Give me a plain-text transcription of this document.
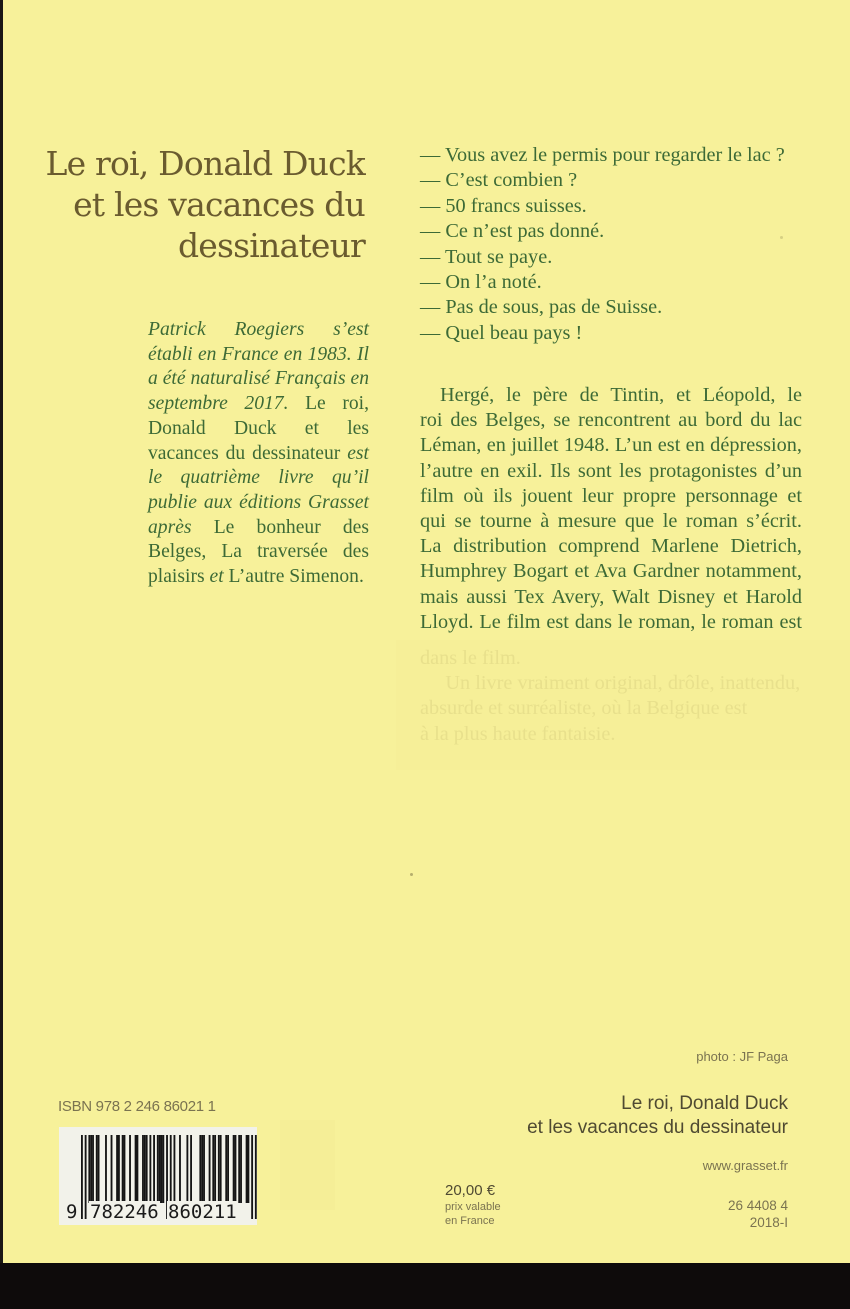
Le roi, Donald Duck
et les vacances du
dessinateur
Patrick Roegiers s’est établi en France en 1983. Il a été naturalisé Français en septembre 2017. Le roi, Donald Duck et les vacances du dessinateur est le quatrième livre qu’il publie aux éditions Grasset après Le bonheur des Belges, La traversée des plaisirs et L’autre Simenon.
— Vous avez le permis pour regarder le lac ?
— C’est combien ?
— 50 francs suisses.
— Ce n’est pas donné.
— Tout se paye.
— On l’a noté.
— Pas de sous, pas de Suisse.
— Quel beau pays !
Hergé, le père de Tintin, et Léopold, le
roi des Belges, se rencontrent au bord du lac
Léman, en juillet 1948. L’un est en dépression,
l’autre en exil. Ils sont les protagonistes d’un
film où ils jouent leur propre personnage et
qui se tourne à mesure que le roman s’écrit.
La distribution comprend Marlene Dietrich,
Humphrey Bogart et Ava Gardner notamment,
mais aussi Tex Avery, Walt Disney et Harold
Lloyd. Le film est dans le roman, le roman est
dans le film.
Un livre vraiment original, drôle, inattendu,
absurde et surréaliste, où la Belgique est
à la plus haute fantaisie.
photo : JF Paga
Le roi, Donald Duck
et les vacances du dessinateur
www.grasset.fr
26 4408 4
2018-I
20,00 €
prix valable
en France
ISBN 978 2 246 86021 1
9 782246 860211
